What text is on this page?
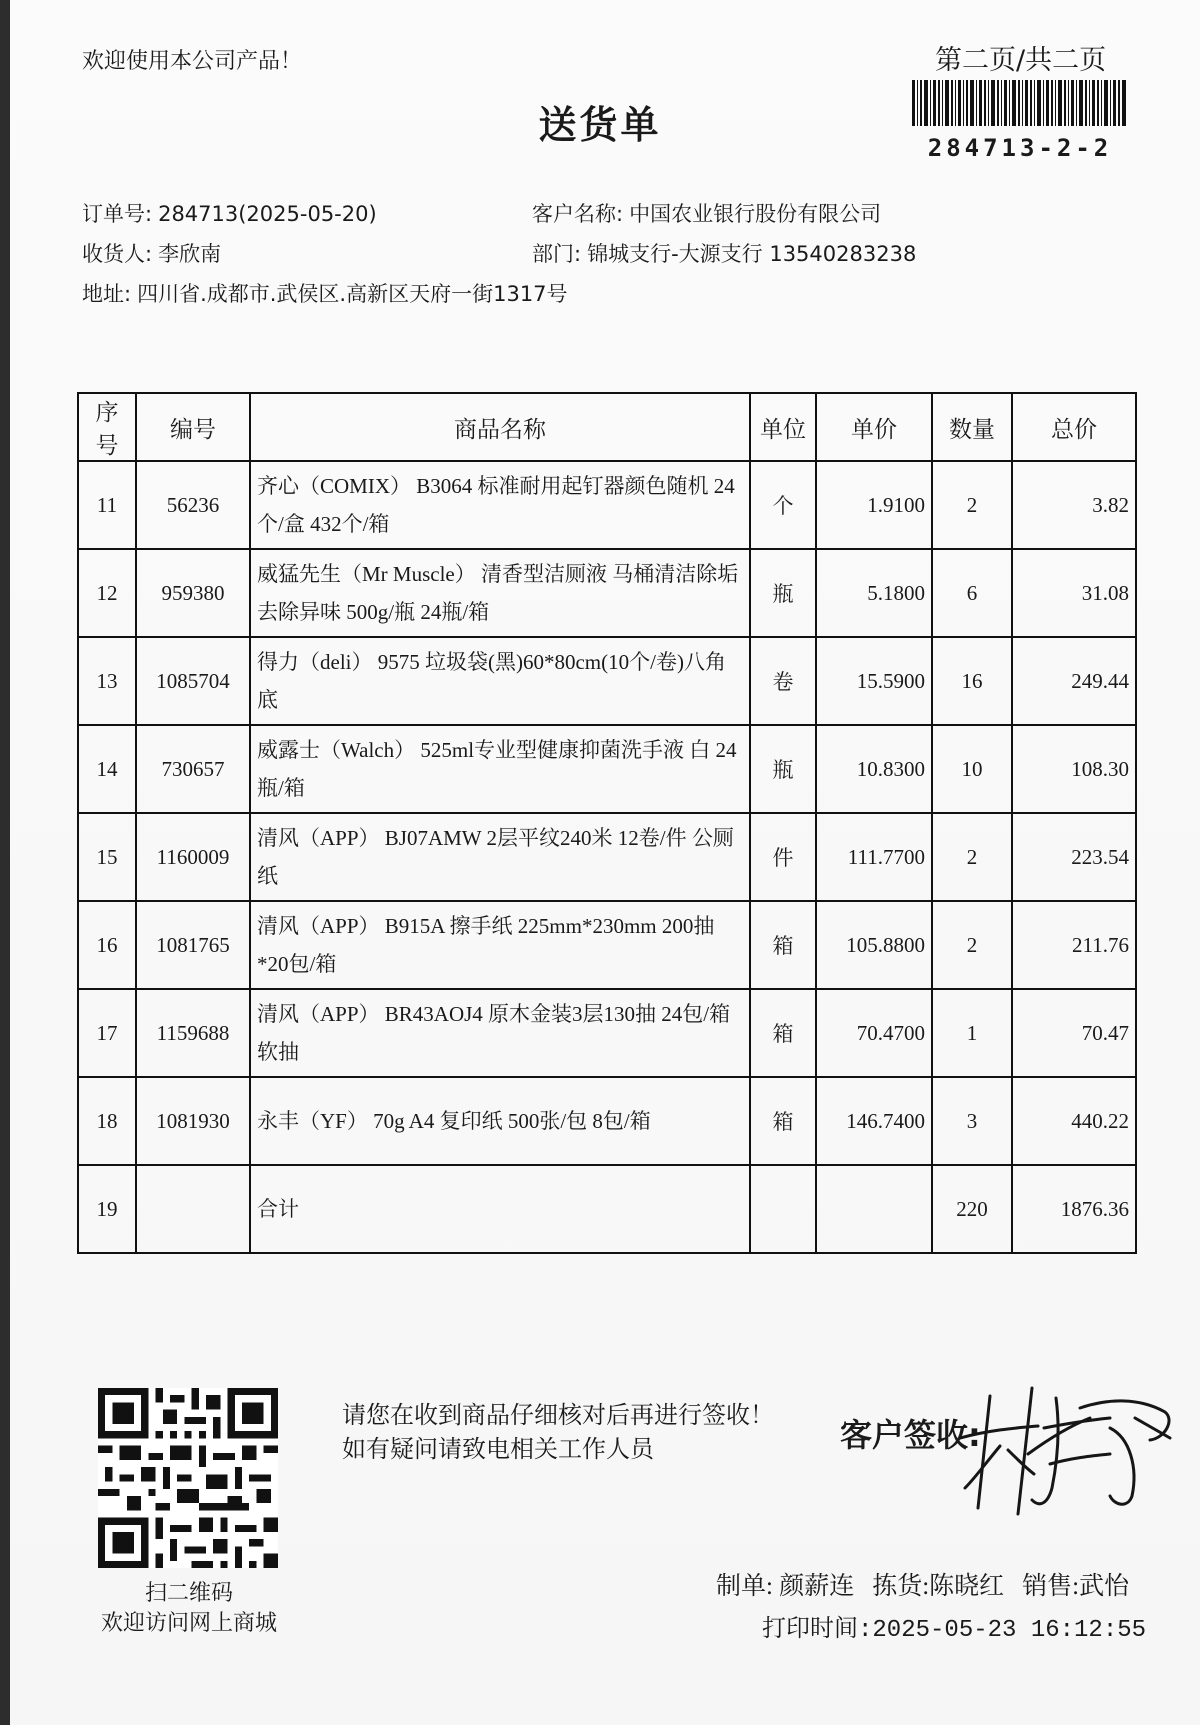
欢迎使用本公司产品！	第二页/共二页
送货单
284713-2-2
订单号: 284713(2025-05-20)
收货人: 李欣南
地址: 四川省.成都市.武侯区.高新区天府一街1317号
客户名称: 中国农业银行股份有限公司
部门: 锦城支行-大源支行 13540283238
序号	编号	商品名称	单位	单价	数量	总价
11	56236	齐心（COMIX） B3064 标准耐用起钉器颜色随机 24个/盒 432个/箱	个	1.9100	2	3.82
12	959380	威猛先生（Mr Muscle） 清香型洁厕液 马桶清洁除垢去除异味 500g/瓶 24瓶/箱	瓶	5.1800	6	31.08
13	1085704	得力（deli） 9575 垃圾袋(黑)60*80cm(10个/卷)八角底	卷	15.5900	16	249.44
14	730657	威露士（Walch） 525ml专业型健康抑菌洗手液 白 24瓶/箱	瓶	10.8300	10	108.30
15	1160009	清风（APP） BJ07AMW 2层平纹240米 12卷/件 公厕纸	件	111.7700	2	223.54
16	1081765	清风（APP） B915A 擦手纸 225mm*230mm 200抽*20包/箱	箱	105.8800	2	211.76
17	1159688	清风（APP） BR43AOJ4 原木金装3层130抽 24包/箱 软抽	箱	70.4700	1	70.47
18	1081930	永丰（YF） 70g A4 复印纸 500张/包 8包/箱	箱	146.7400	3	440.22
19		合计			220	1876.36
扫二维码
欢迎访问网上商城
请您在收到商品仔细核对后再进行签收！如有疑问请致电相关工作人员	客户签收:
制单: 颜薪连 拣货:陈晓红 销售:武怡
打印时间:2025-05-23 16:12:55
